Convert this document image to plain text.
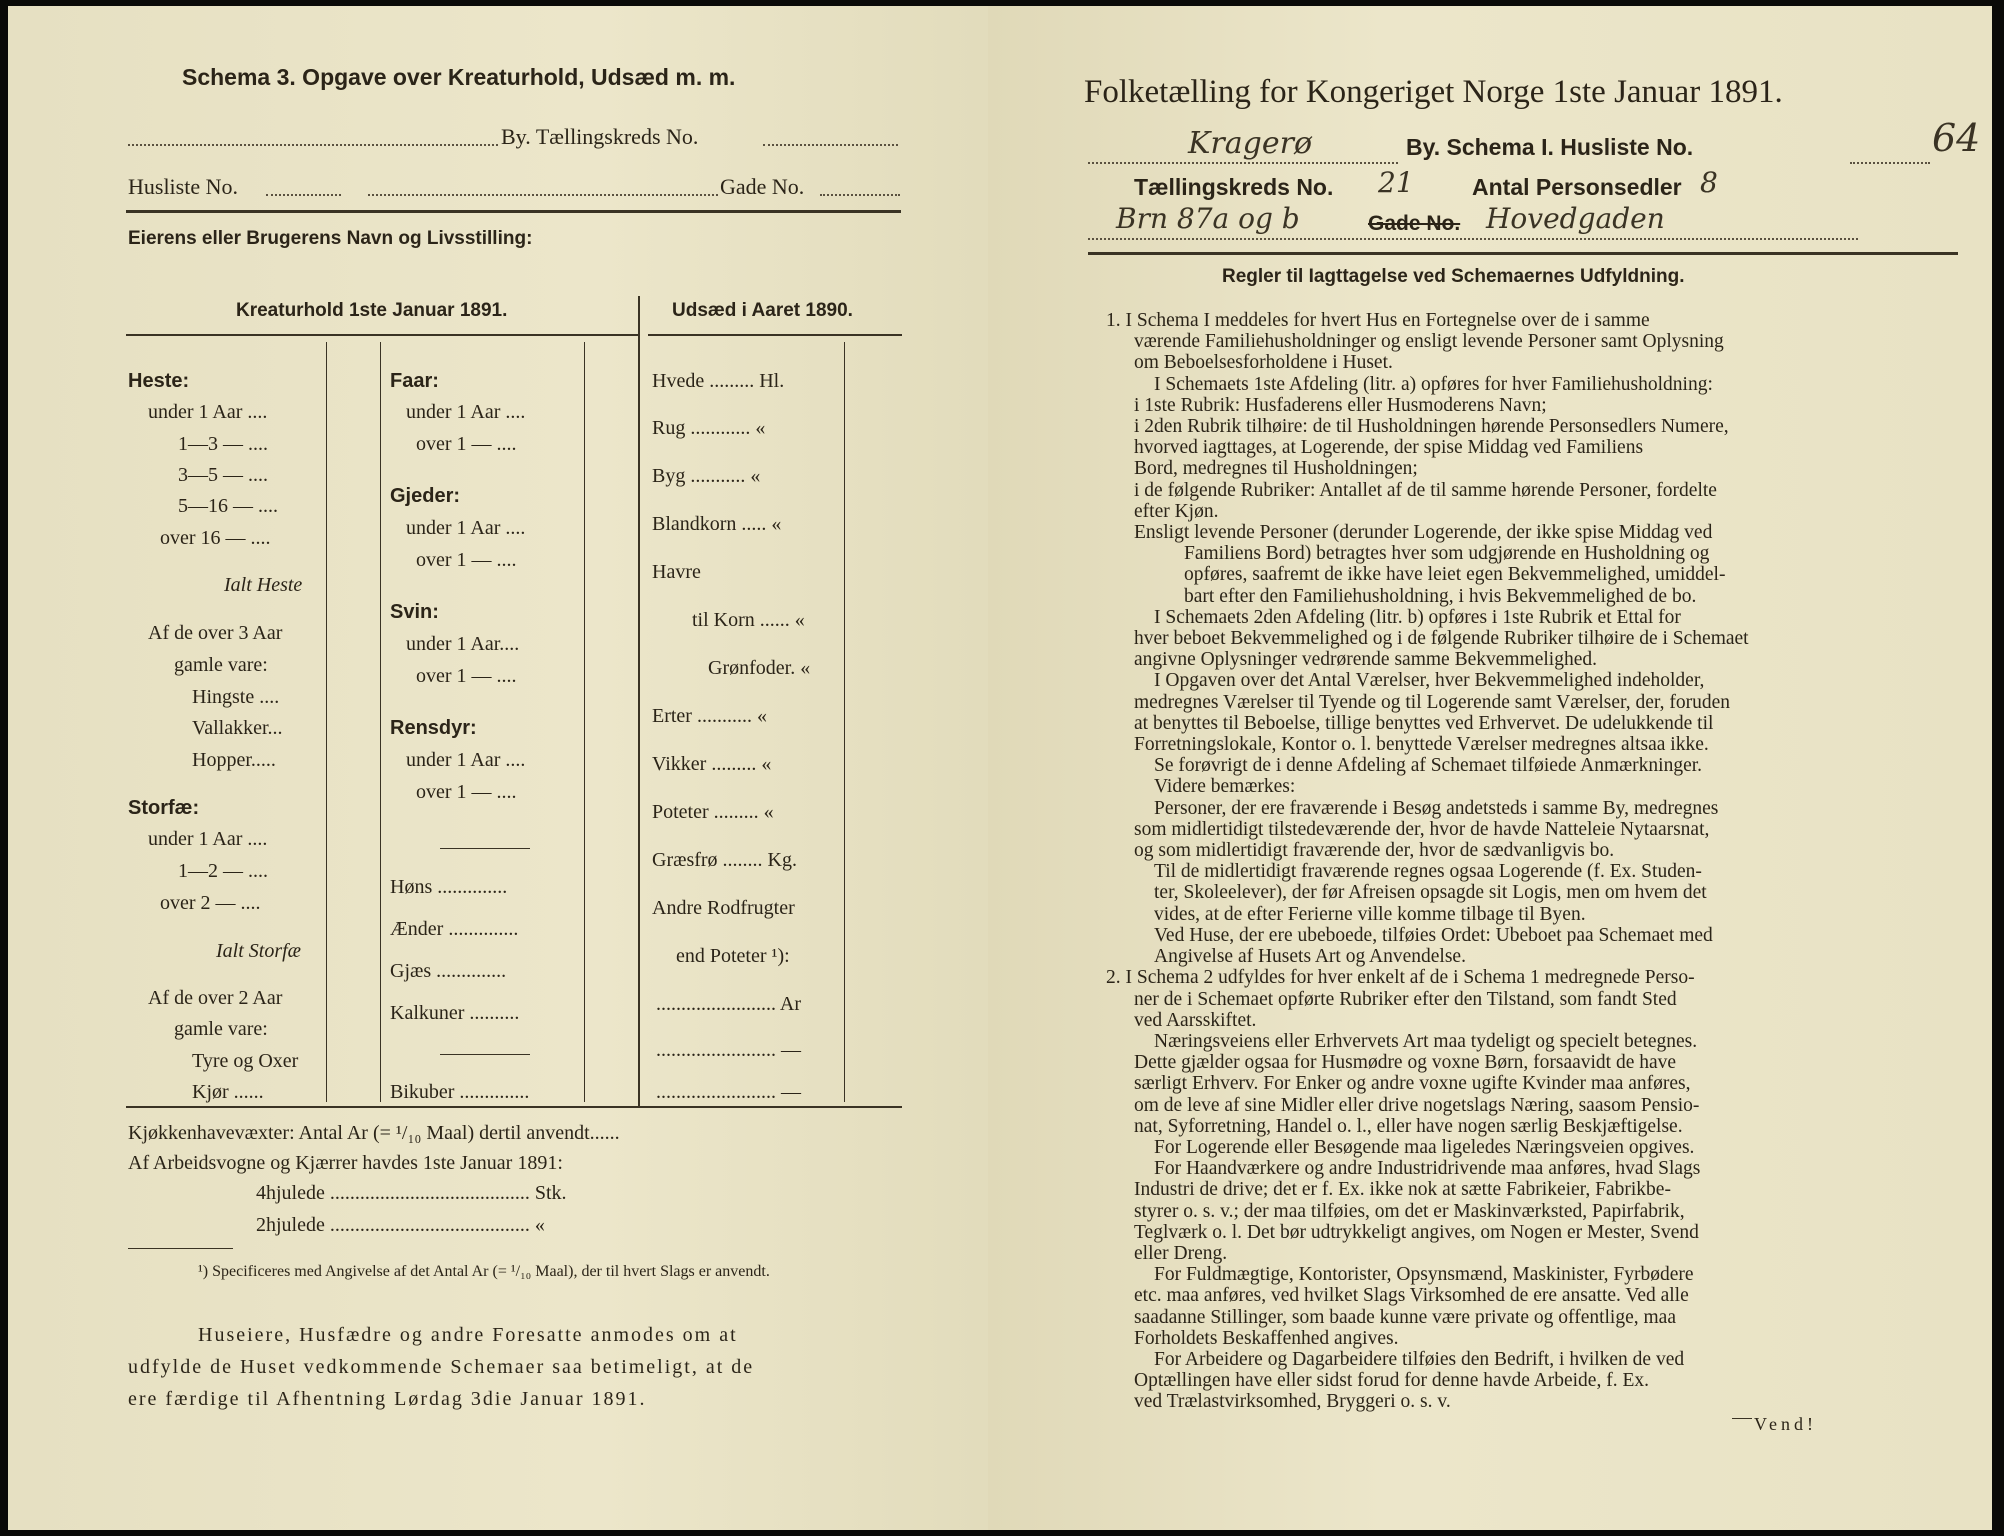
Schema 3. Opgave over Kreaturhold, Udsæd m. m.
By. Tællingskreds No.
Husliste No.	Gade No.
Eierens eller Brugerens Navn og Livsstilling:
Kreaturhold 1ste Januar 1891.	Udsæd i Aaret 1890.
Heste:
under 1 Aar ....
1—3 — ....
3—5 — ....
5—16 — ....
over 16 — ....
Ialt Heste
Af de over 3 Aar
gamle vare:
Hingste ....
Vallakker...
Hopper.....
Storfæ:
under 1 Aar ....
1—2 — ....
over 2 — ....
Ialt Storfæ
Af de over 2 Aar
gamle vare:
Tyre og Oxer
Kjør ......
Faar:
under 1 Aar ....
over 1 — ....
Gjeder:
under 1 Aar ....
over 1 — ....
Svin:
under 1 Aar....
over 1 — ....
Rensdyr:
under 1 Aar ....
over 1 — ....
Høns ..............
Ænder ..............
Gjæs ..............
Kalkuner ..........
Bikuber ..............
Hvede ......... Hl.
Rug ............ «
Byg ........... «
Blandkorn ..... «
Havre
til Korn ...... «
Grønfoder. «
Erter ........... «
Vikker ......... «
Poteter ......... «
Græsfrø ........ Kg.
Andre Rodfrugter
end Poteter ¹):
........................ Ar
........................ —
........................ —
Kjøkkenhavevæxter: Antal Ar (= ¹/₁₀ Maal) dertil anvendt......
Af Arbeidsvogne og Kjærrer havdes 1ste Januar 1891:
4hjulede ........................................ Stk.
2hjulede ........................................ «
¹) Specificeres med Angivelse af det Antal Ar (= ¹/₁₀ Maal), der til hvert Slags er anvendt.
Huseiere, Husfædre og andre Foresatte anmodes om at
udfylde de Huset vedkommende Schemaer saa betimeligt, at de
ere færdige til Afhentning Lørdag 3die Januar 1891.
Folketælling for Kongeriget Norge 1ste Januar 1891.
Kragerø	By. Schema I. Husliste No.	64
Tællingskreds No. 21	Antal Personsedler 8
Brn 87a og b	Gade No. Hovedgaden
Regler til Iagttagelse ved Schemaernes Udfyldning.

1. I Schema I meddeles for hvert Hus en Fortegnelse over de i samme

værende Familiehusholdninger og ensligt levende Personer samt Oplysning

om Beboelsesforholdene i Huset.

I Schemaets 1ste Afdeling (litr. a) opføres for hver Familiehusholdning:

i 1ste Rubrik: Husfaderens eller Husmoderens Navn;

i 2den Rubrik tilhøire: de til Husholdningen hørende Personsedlers Numere,

hvorved iagttages, at Logerende, der spise Middag ved Familiens

Bord, medregnes til Husholdningen;

i de følgende Rubriker: Antallet af de til samme hørende Personer, fordelte

efter Kjøn.

Ensligt levende Personer (derunder Logerende, der ikke spise Middag ved

Familiens Bord) betragtes hver som udgjørende en Husholdning og

opføres, saafremt de ikke have leiet egen Bekvemmelighed, umiddel-

bart efter den Familiehusholdning, i hvis Bekvemmelighed de bo.

I Schemaets 2den Afdeling (litr. b) opføres i 1ste Rubrik et Ettal for

hver beboet Bekvemmelighed og i de følgende Rubriker tilhøire de i Schemaet

angivne Oplysninger vedrørende samme Bekvemmelighed.

I Opgaven over det Antal Værelser, hver Bekvemmelighed indeholder,

medregnes Værelser til Tyende og til Logerende samt Værelser, der, foruden

at benyttes til Beboelse, tillige benyttes ved Erhvervet. De udelukkende til

Forretningslokale, Kontor o. l. benyttede Værelser medregnes altsaa ikke.

Se forøvrigt de i denne Afdeling af Schemaet tilføiede Anmærkninger.

Videre bemærkes:

Personer, der ere fraværende i Besøg andetsteds i samme By, medregnes

som midlertidigt tilstedeværende der, hvor de havde Natteleie Nytaarsnat,

og som midlertidigt fraværende der, hvor de sædvanligvis bo.

Til de midlertidigt fraværende regnes ogsaa Logerende (f. Ex. Studen-

ter, Skoleelever), der før Afreisen opsagde sit Logis, men om hvem det

vides, at de efter Ferierne ville komme tilbage til Byen.

Ved Huse, der ere ubeboede, tilføies Ordet: Ubeboet paa Schemaet med

Angivelse af Husets Art og Anvendelse.

2. I Schema 2 udfyldes for hver enkelt af de i Schema 1 medregnede Perso-

ner de i Schemaet opførte Rubriker efter den Tilstand, som fandt Sted

ved Aarsskiftet.

Næringsveiens eller Erhvervets Art maa tydeligt og specielt betegnes.

Dette gjælder ogsaa for Husmødre og voxne Børn, forsaavidt de have

særligt Erhverv. For Enker og andre voxne ugifte Kvinder maa anføres,

om de leve af sine Midler eller drive nogetslags Næring, saasom Pensio-

nat, Syforretning, Handel o. l., eller have nogen særlig Beskjæftigelse.

For Logerende eller Besøgende maa ligeledes Næringsveien opgives.

For Haandværkere og andre Industridrivende maa anføres, hvad Slags

Industri de drive; det er f. Ex. ikke nok at sætte Fabrikeier, Fabrikbe-

styrer o. s. v.; der maa tilføies, om det er Maskinværksted, Papirfabrik,

Teglværk o. l. Det bør udtrykkeligt angives, om Nogen er Mester, Svend

eller Dreng.

For Fuldmægtige, Kontorister, Opsynsmænd, Maskinister, Fyrbødere

etc. maa anføres, ved hvilket Slags Virksomhed de ere ansatte. Ved alle

saadanne Stillinger, som baade kunne være private og offentlige, maa

Forholdets Beskaffenhed angives.

For Arbeidere og Dagarbeidere tilføies den Bedrift, i hvilken de ved

Optællingen have eller sidst forud for denne havde Arbeide, f. Ex.

ved Trælastvirksomhed, Bryggeri o. s. v.

Vend!
